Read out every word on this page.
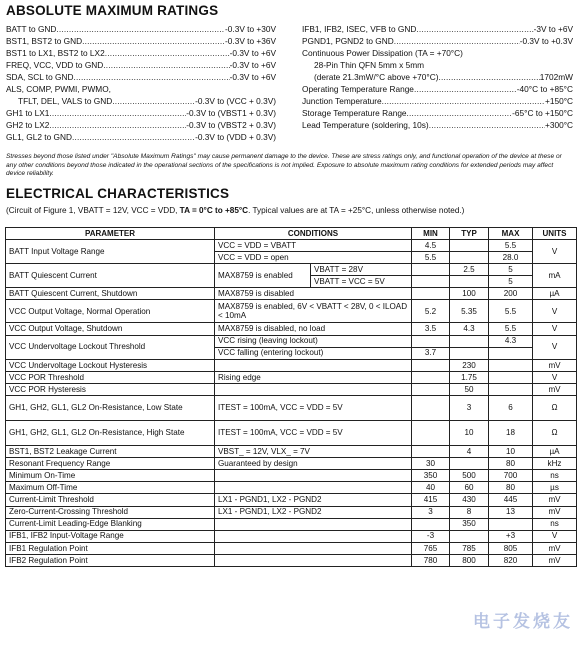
ABSOLUTE MAXIMUM RATINGS
BATT to GND .....	-0.3V to +30V
BST1, BST2 to GND .....	-0.3V to +36V
BST1 to LX1, BST2 to LX2 .....	-0.3V to +6V
FREQ, VCC, VDD to GND .....	-0.3V to +6V
SDA, SCL to GND .....	-0.3V to +6V
ALS, COMP, PWMI, PWMO,
TFLT, DEL, VALS to GND .....	-0.3V to (VCC + 0.3V)
GH1 to LX1 .....	-0.3V to (VBST1 + 0.3V)
GH2 to LX2 .....	-0.3V to (VBST2 + 0.3V)
GL1, GL2 to GND .....	-0.3V to (VDD + 0.3V)
IFB1, IFB2, ISEC, VFB to GND .....	-3V to +6V
PGND1, PGND2 to GND .....	-0.3V to +0.3V
Continuous Power Dissipation (TA = +70°C)
28-Pin Thin QFN 5mm x 5mm
(derate 21.3mW/°C above +70°C) .....	1702mW
Operating Temperature Range .....	-40°C to +85°C
Junction Temperature .....	+150°C
Storage Temperature Range .....	-65°C to +150°C
Lead Temperature (soldering, 10s) .....	+300°C
Stresses beyond those listed under "Absolute Maximum Ratings" may cause permanent damage to the device. These are stress ratings only, and functional operation of the device at these or any other conditions beyond those indicated in the operational sections of the specifications is not implied. Exposure to absolute maximum rating conditions for extended periods may affect device reliability.
ELECTRICAL CHARACTERISTICS
(Circuit of Figure 1, VBATT = 12V, VCC = VDD, TA = 0°C to +85°C. Typical values are at TA = +25°C, unless otherwise noted.)
PARAMETER	CONDITIONS		MIN	TYP	MAX	UNITS
BATT Input Voltage Range	VCC = VDD = VBATT		4.5		5.5	V
	VCC = VDD = open		5.5		28.0	
BATT Quiescent Current	MAX8759 is enabled	VBATT = 28V		2.5	5	mA
		VBATT = VCC = 5V			5	
BATT Quiescent Current, Shutdown	MAX8759 is disabled			100	200	µA
VCC Output Voltage, Normal Operation	MAX8759 is enabled, 6V < VBATT < 28V, 0 < ILOAD < 10mA		5.2	5.35	5.5	V
VCC Output Voltage, Shutdown	MAX8759 is disabled, no load		3.5	4.3	5.5	V
VCC Undervoltage Lockout Threshold	VCC rising (leaving lockout)				4.3	V
	VCC falling (entering lockout)		3.7			
VCC Undervoltage Lockout Hysteresis				230		mV
VCC POR Threshold	Rising edge			1.75		V
VCC POR Hysteresis				50		mV
GH1, GH2, GL1, GL2 On-Resistance, Low State	ITEST = 100mA, VCC = VDD = 5V			3	6	Ω
GH1, GH2, GL1, GL2 On-Resistance, High State	ITEST = 100mA, VCC = VDD = 5V			10	18	Ω
BST1, BST2 Leakage Current	VBST_ = 12V, VLX_ = 7V			4	10	µA
Resonant Frequency Range	Guaranteed by design		30		80	kHz
Minimum On-Time			350	500	700	ns
Maximum Off-Time			40	60	80	µs
Current-Limit Threshold	LX1 - PGND1, LX2 - PGND2		415	430	445	mV
Zero-Current-Crossing Threshold	LX1 - PGND1, LX2 - PGND2		3	8	13	mV
Current-Limit Leading-Edge Blanking				350		ns
IFB1, IFB2 Input-Voltage Range			-3		+3	V
IFB1 Regulation Point			765	785	805	mV
IFB2 Regulation Point			780	800	820	mV
电子发烧友
